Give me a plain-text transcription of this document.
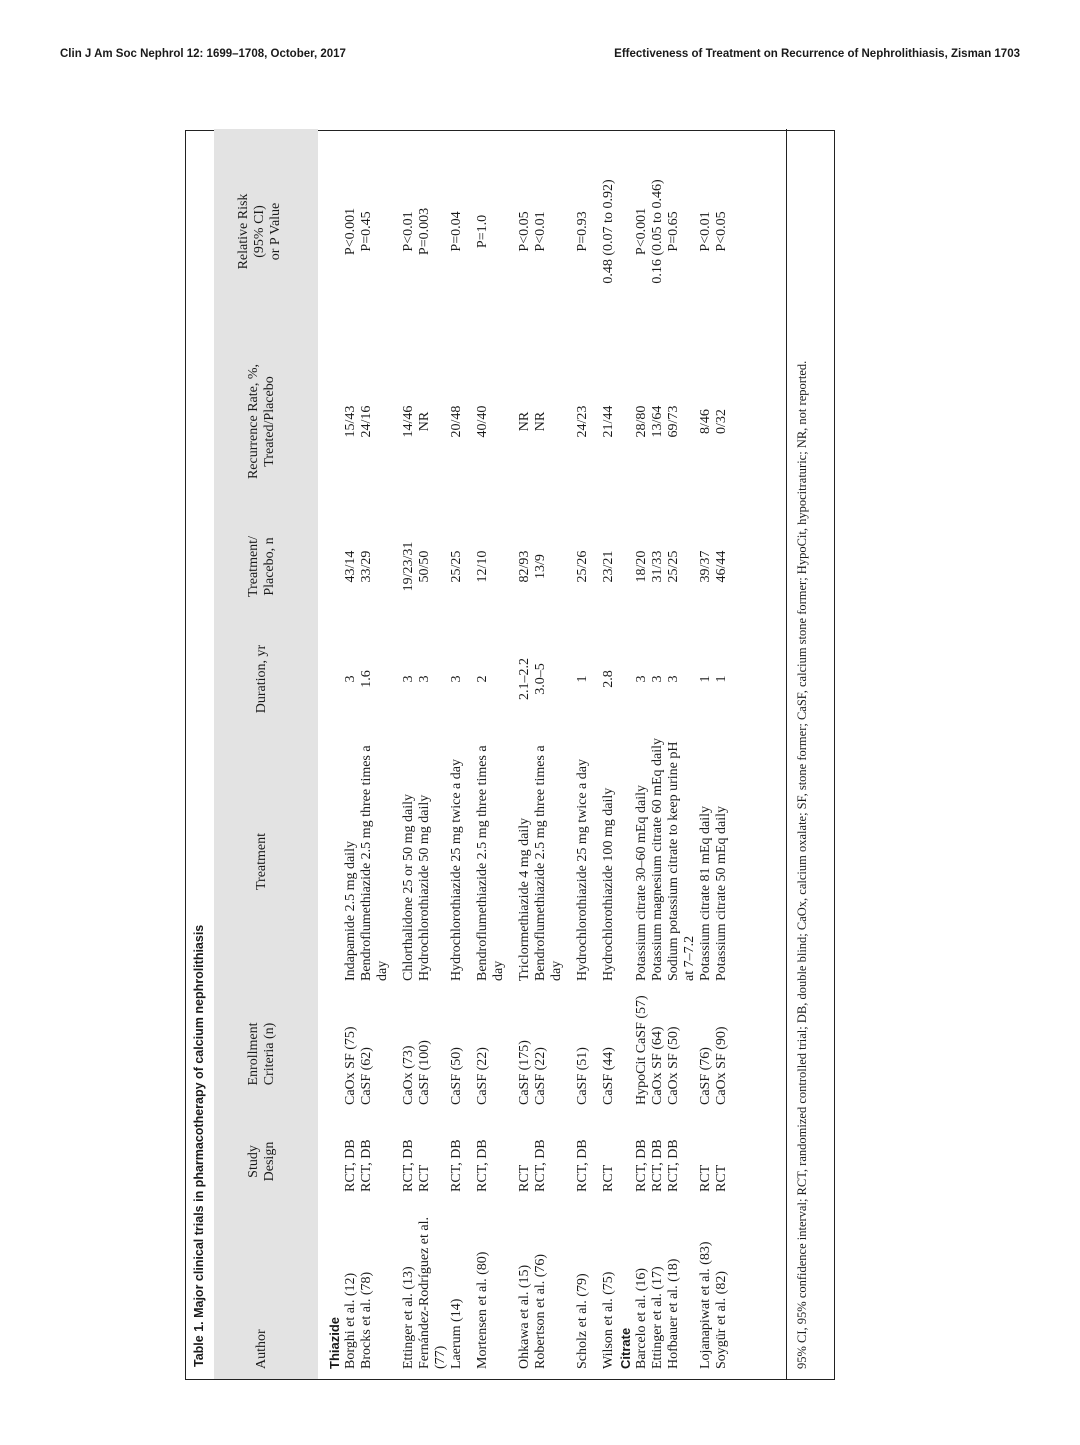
Clin J Am Soc Nephrol 12: 1699–1708, October, 2017	Effectiveness of Treatment on Recurrence of Nephrolithiasis, Zisman 1703
Table 1. Major clinical trials in pharmacotherapy of calcium nephrolithiasis	Author
Study
Design
Enrollment
Criteria (n)
Treatment
Duration, yr
Treatment/
Placebo, n
Recurrence Rate, %,
Treated/Placebo
Relative Risk
(95% CI)
or P Value
Thiazide Borghi et al. (12)
RCT, DB
CaOx SF (75)
Indapamide 2.5 mg daily
3
43/14
15/43
P<0.001
Brocks et al. (78)
RCT, DB
CaSF (62)
Bendroflumethiazide 2.5 mg three times a day
1.6
33/29
24/16
P=0.45
Ettinger et al. (13)
RCT, DB
CaOx (73)
Chlorthalidone 25 or 50 mg daily
3
19/23/31
14/46
P<0.01
Fernández-Rodríguez et al. (77)
RCT
CaSF (100)
Hydrochlorothiazide 50 mg daily
3
50/50
NR
P=0.003
Laerum (14)
RCT, DB
CaSF (50)
Hydrochlorothiazide 25 mg twice a day
3
25/25
20/48
P=0.04
Mortensen et al. (80)
RCT, DB
CaSF (22)
Bendroflumethiazide 2.5 mg three times a day
2
12/10
40/40
P=1.0
Ohkawa et al. (15)
RCT
CaSF (175)
Triclormethiazide 4 mg daily
2.1–2.2
82/93
NR
P<0.05
Robertson et al. (76)
RCT, DB
CaSF (22)
Bendroflumethiazide 2.5 mg three times a day
3.0–5
13/9
NR
P<0.01
Scholz et al. (79)
RCT, DB
CaSF (51)
Hydrochlorothiazide 25 mg twice a day
1
25/26
24/23
P=0.93
Wilson et al. (75)
RCT
CaSF (44)
Hydrochlorothiazide 100 mg daily
2.8
23/21
21/44
0.48 (0.07 to 0.92)
Citrate Barcelo et al. (16)
RCT, DB
HypoCit CaSF (57)
Potassium citrate 30–60 mEq daily
3
18/20
28/80
P<0.001
Ettinger et al. (17)
RCT, DB
CaOx SF (64)
Potassium magnesium citrate 60 mEq daily
3
31/33
13/64
0.16 (0.05 to 0.46)
Hofbauer et al. (18)
RCT, DB
CaOx SF (50)
Sodium potassium citrate to keep urine pH at 7–7.2
3
25/25
69/73
P=0.65
Lojanapiwat et al. (83)
RCT
CaSF (76)
Potassium citrate 81 mEq daily
1
39/37
8/46
P<0.01
Soygür et al. (82)
RCT
CaOx SF (90)
Potassium citrate 50 mEq daily
1
46/44
0/32
P<0.05
95% CI, 95% confidence interval; RCT, randomized controlled trial; DB, double blind; CaOx, calcium oxalate; SF, stone former; CaSF, calcium stone former; HypoCit, hypocitraturic; NR, not reported.
